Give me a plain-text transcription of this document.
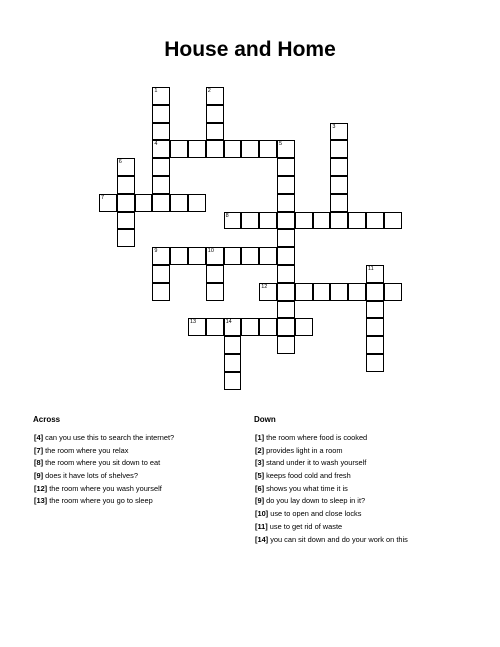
House and Home
1
4
2
3
5
6
7
8
9	10
11
12
13	14
Across
[4] can you use this to search the internet?
[7] the room where you relax
[8] the room where you sit down to eat
[9] does it have lots of shelves?
[12] the room where you wash yourself
[13] the room where you go to sleep
Down
[1] the room where food is cooked
[2] provides light in a room
[3] stand under it to wash yourself
[5] keeps food cold and fresh
[6] shows you what time it is
[9] do you lay down to sleep in it?
[10] use to open and close locks
[11] use to get rid of waste
[14] you can sit down and do your work on this
